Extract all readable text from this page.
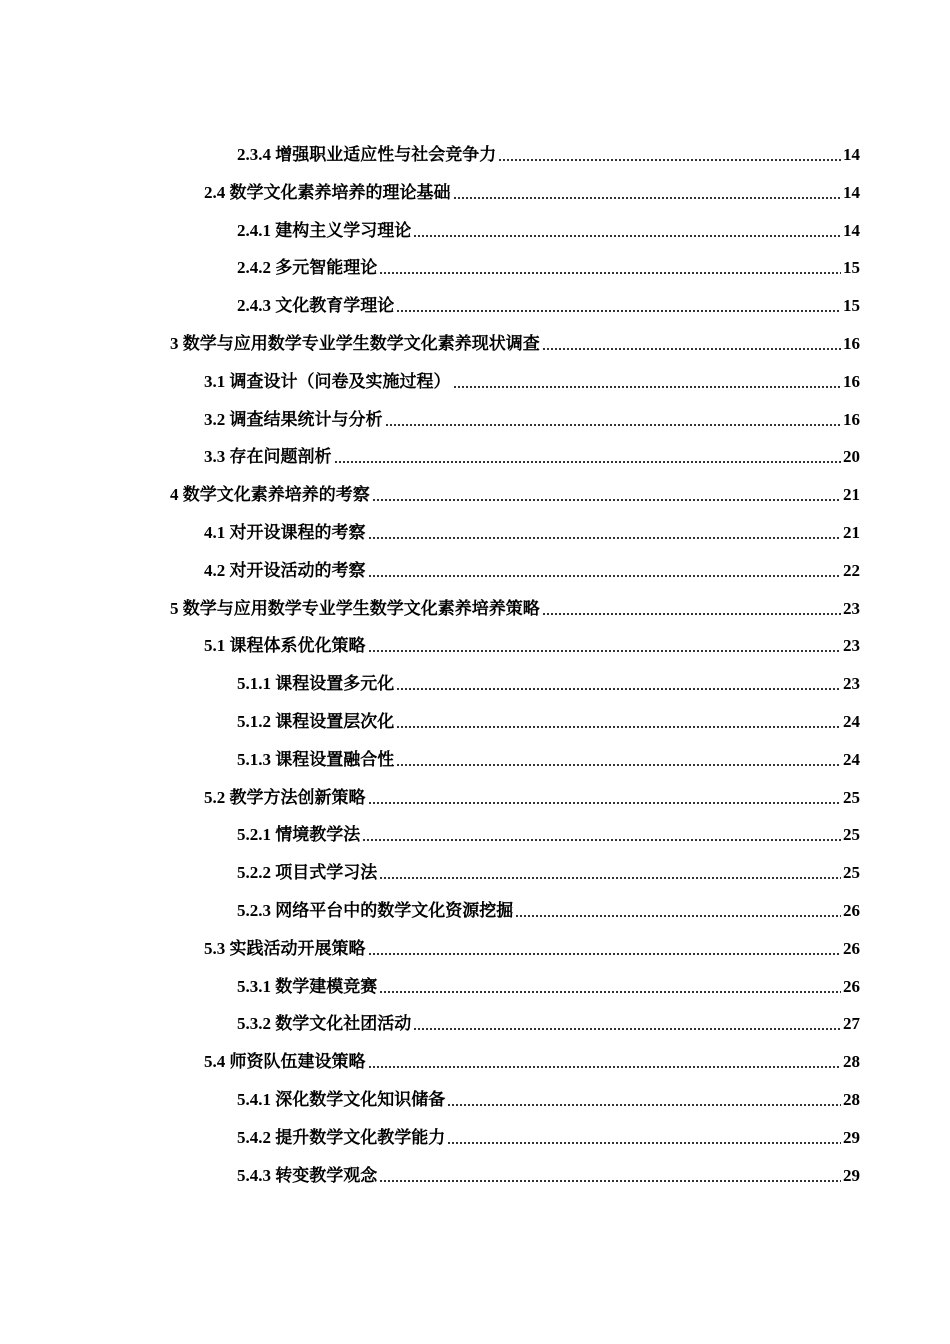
2.3.4 增强职业适应性与社会竞争力	14
2.4 数学文化素养培养的理论基础	14
2.4.1 建构主义学习理论	14
2.4.2 多元智能理论	15
2.4.3 文化教育学理论	15
3 数学与应用数学专业学生数学文化素养现状调查	16
3.1 调查设计（问卷及实施过程）	16
3.2 调查结果统计与分析	16
3.3 存在问题剖析	20
4 数学文化素养培养的考察	21
4.1 对开设课程的考察	21
4.2 对开设活动的考察	22
5 数学与应用数学专业学生数学文化素养培养策略	23
5.1 课程体系优化策略	23
5.1.1 课程设置多元化	23
5.1.2 课程设置层次化	24
5.1.3 课程设置融合性	24
5.2 教学方法创新策略	25
5.2.1 情境教学法	25
5.2.2 项目式学习法	25
5.2.3 网络平台中的数学文化资源挖掘	26
5.3 实践活动开展策略	26
5.3.1 数学建模竞赛	26
5.3.2 数学文化社团活动	27
5.4 师资队伍建设策略	28
5.4.1 深化数学文化知识储备	28
5.4.2 提升数学文化教学能力	29
5.4.3 转变教学观念	29
